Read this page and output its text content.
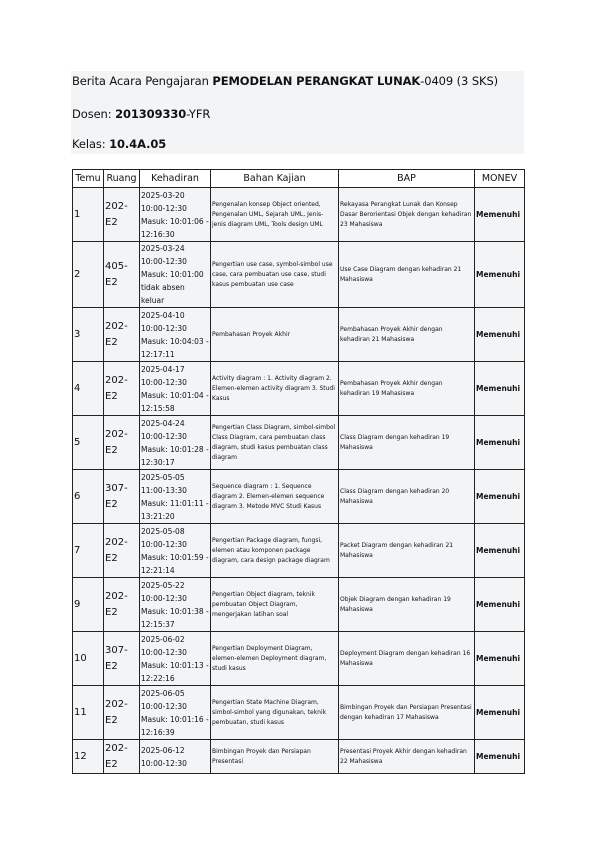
Berita Acara Pengajaran PEMODELAN PERANGKAT LUNAK-0409 (3 SKS)
Dosen: 201309330-YFR
Kelas: 10.4A.05
Temu	Ruang	Kehadiran	Bahan Kajian	BAP	MONEV
1	202-
E2	2025-03-20
10:00-12:30
Masuk: 10:01:06 -
12:16:30	Pengenalan konsep Object oriented, Pengenalan UML, Sejarah UML, Jenis-jenis diagram UML, Tools design UML	Rekayasa Perangkat Lunak dan Konsep Dasar Berorientasi Objek dengan kehadiran 23 Mahasiswa	Memenuhi
2	405-
E2	2025-03-24
10:00-12:30
Masuk: 10:01:00
tidak absen
keluar	Pengertian use case, symbol-simbol use case, cara pembuatan use case, studi kasus pembuatan use case	Use Case Diagram dengan kehadiran 21 Mahasiswa	Memenuhi
3	202-
E2	2025-04-10
10:00-12:30
Masuk: 10:04:03 -
12:17:11	Pembahasan Proyek Akhir	Pembahasan Proyek Akhir dengan kehadiran 21 Mahasiswa	Memenuhi
4	202-
E2	2025-04-17
10:00-12:30
Masuk: 10:01:04 -
12:15:58	Activity diagram : 1. Activity diagram 2. Elemen-elemen activity diagram 3. Studi Kasus	Pembahasan Proyek Akhir dengan kehadiran 19 Mahasiswa	Memenuhi
5	202-
E2	2025-04-24
10:00-12:30
Masuk: 10:01:28 -
12:30:17	Pengertian Class Diagram, simbol-simbol Class Diagram, cara pembuatan class diagram, studi kasus pembuatan class diagram	Class Diagram dengan kehadiran 19 Mahasiswa	Memenuhi
6	307-
E2	2025-05-05
11:00-13:30
Masuk: 11:01:11 -
13:21:20	Sequence diagram : 1. Sequence diagram 2. Elemen-elemen sequence diagram 3. Metode MVC Studi Kasus	Class Diagram dengan kehadiran 20 Mahasiswa	Memenuhi
7	202-
E2	2025-05-08
10:00-12:30
Masuk: 10:01:59 -
12:21:14	Pengertian Package diagram, fungsi, elemen atau komponen package diagram, cara design package diagram	Packet Diagram dengan kehadiran 21 Mahasiswa	Memenuhi
9	202-
E2	2025-05-22
10:00-12:30
Masuk: 10:01:38 -
12:15:37	Pengertian Object diagram, teknik pembuatan Object Diagram, mengerjakan latihan soal	Objek Diagram dengan kehadiran 19 Mahasiswa	Memenuhi
10	307-
E2	2025-06-02
10:00-12:30
Masuk: 10:01:13 -
12:22:16	Pengertian Deployment Diagram, elemen-elemen Deployment diagram, studi kasus	Deployment Diagram dengan kehadiran 16 Mahasiswa	Memenuhi
11	202-
E2	2025-06-05
10:00-12:30
Masuk: 10:01:16 -
12:16:39	Pengertian State Machine Diagram, simbol-simbol yang digunakan, teknik pembuatan, studi kasus	Bimbingan Proyek dan Persiapan Presentasi dengan kehadiran 17 Mahasiswa	Memenuhi
12	202-
E2	2025-06-12
10:00-12:30	Bimbingan Proyek dan Persiapan Presentasi	Presentasi Proyek Akhir dengan kehadiran 22 Mahasiswa	Memenuhi
